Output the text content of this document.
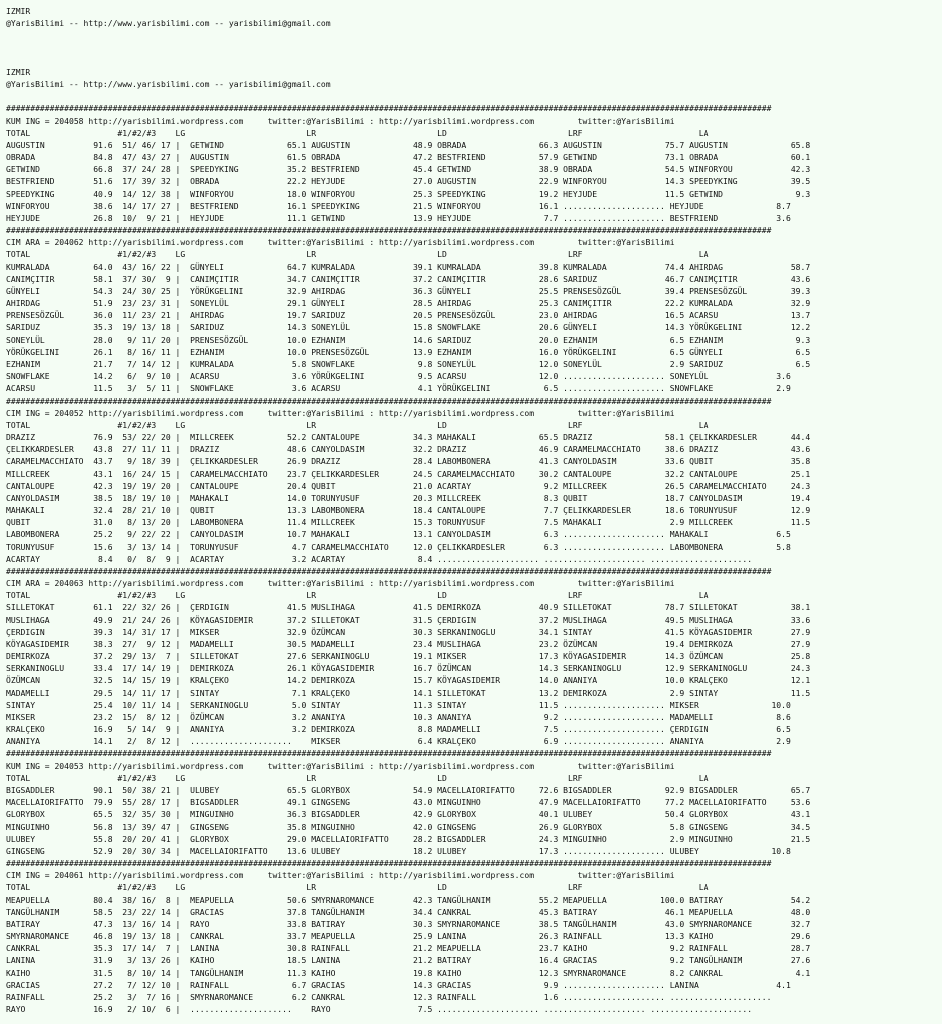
IZMIR
@YarisBilimi -- http://www.yarisbilimi.com -- yarisbilimi@gmail.com
IZMIR
@YarisBilimi -- http://www.yarisbilimi.com -- yarisbilimi@gmail.com
##############################################################################################################################################################
KUM ING = 204058 http://yarisbilimi.wordpress.com     twitter:@YarisBilimi : http://yarisbilimi.wordpress.com         twitter:@YarisBilimi
TOTAL                  #1/#2/#3    LG                         LR                         LD                         LRF                        LA
AUGUSTIN          91.6  51/ 46/ 17 |  GETWIND             65.1 AUGUSTIN             48.9 OBRADA               66.3 AUGUSTIN             75.7 AUGUSTIN             65.8
OBRADA            84.8  47/ 43/ 27 |  AUGUSTIN            61.5 OBRADA               47.2 BESTFRIEND           57.9 GETWIND              73.1 OBRADA               60.1
GETWIND           66.8  37/ 24/ 28 |  SPEEDYKING          35.2 BESTFRIEND           45.4 GETWIND              38.9 OBRADA               54.5 WINFORYOU            42.3
BESTFRIEND        51.6  17/ 39/ 32 |  OBRADA              22.2 HEYJUDE              27.0 AUGUSTIN             22.9 WINFORYOU            14.3 SPEEDYKING           39.5
SPEEDYKING        40.9  14/ 12/ 38 |  WINFORYOU           18.0 WINFORYOU            25.3 SPEEDYKING           19.2 HEYJUDE              11.5 GETWIND               9.3
WINFORYOU         38.6  14/ 17/ 27 |  BESTFRIEND          16.1 SPEEDYKING           21.5 WINFORYOU            16.1 ..................... HEYJUDE               8.7
HEYJUDE           26.8  10/  9/ 21 |  HEYJUDE             11.1 GETWIND              13.9 HEYJUDE               7.7 ..................... BESTFRIEND            3.6
##############################################################################################################################################################
CIM ARA = 204062 http://yarisbilimi.wordpress.com     twitter:@YarisBilimi : http://yarisbilimi.wordpress.com         twitter:@YarisBilimi
TOTAL                  #1/#2/#3    LG                         LR                         LD                         LRF                        LA
KUMRALADA         64.0  43/ 16/ 22 |  GÜNYELI             64.7 KUMRALADA            39.1 KUMRALADA            39.8 KUMRALADA            74.4 AHIRDAG              58.7
CANIMÇITIR        58.1  37/ 30/  9 |  CANIMÇITIR          34.7 CANIMÇITIR           37.2 CANIMÇITIR           28.6 SARIDUZ              46.7 CANIMÇITIR           43.6
GÜNYELI           54.3  24/ 30/ 25 |  YÖRÜKGELINI         32.9 AHIRDAG              36.3 GÜNYELI              25.5 PRENSESÖZGÜL         39.4 PRENSESÖZGÜL         39.3
AHIRDAG           51.9  23/ 23/ 31 |  SONEYLÜL            29.1 GÜNYELI              28.5 AHIRDAG              25.3 CANIMÇITIR           22.2 KUMRALADA            32.9
PRENSESÖZGÜL      36.0  11/ 23/ 21 |  AHIRDAG             19.7 SARIDUZ              20.5 PRENSESÖZGÜL         23.0 AHIRDAG              16.5 ACARSU               13.7
SARIDUZ           35.3  19/ 13/ 18 |  SARIDUZ             14.3 SONEYLÜL             15.8 SNOWFLAKE            20.6 GÜNYELI              14.3 YÖRÜKGELINI          12.2
SONEYLÜL          28.0   9/ 11/ 20 |  PRENSESÖZGÜL        10.0 EZHANIM              14.6 SARIDUZ              20.0 EZHANIM               6.5 EZHANIM               9.3
YÖRÜKGELINI       26.1   8/ 16/ 11 |  EZHANIM             10.0 PRENSESÖZGÜL         13.9 EZHANIM              16.0 YÖRÜKGELINI           6.5 GÜNYELI               6.5
EZHANIM           21.7   7/ 14/ 12 |  KUMRALADA            5.8 SNOWFLAKE             9.8 SONEYLÜL             12.0 SONEYLÜL              2.9 SARIDUZ               6.5
SNOWFLAKE         14.2   6/  9/ 10 |  ACARSU               3.6 YÖRÜKGELINI           9.5 ACARSU               12.0 ..................... SONEYLÜL              3.6
ACARSU            11.5   3/  5/ 11 |  SNOWFLAKE            3.6 ACARSU                4.1 YÖRÜKGELINI           6.5 ..................... SNOWFLAKE             2.9
##############################################################################################################################################################
CIM ING = 204052 http://yarisbilimi.wordpress.com     twitter:@YarisBilimi : http://yarisbilimi.wordpress.com         twitter:@YarisBilimi
TOTAL                  #1/#2/#3    LG                         LR                         LD                         LRF                        LA
DRAZIZ            76.9  53/ 22/ 20 |  MILLCREEK           52.2 CANTALOUPE           34.3 MAHAKALI             65.5 DRAZIZ               58.1 ÇELIKKARDESLER       44.4
ÇELIKKARDESLER    43.8  27/ 11/ 11 |  DRAZIZ              48.6 CANYOLDASIM          32.2 DRAZIZ               46.9 CARAMELMACCHIATO     38.6 DRAZIZ               43.6
CARAMELMACCHIATO  43.7   9/ 18/ 39 |  ÇELIKKARDESLER      26.9 DRAZIZ               28.4 LABOMBONERA          41.3 CANYOLDASIM          33.6 QUBIT                35.8
MILLCREEK         43.1  16/ 24/ 15 |  CARAMELMACCHIATO    23.7 ÇELIKKARDESLER       24.5 CARAMELMACCHIATO     30.2 CANTALOUPE           32.2 CANTALOUPE           25.1
CANTALOUPE        42.3  19/ 19/ 20 |  CANTALOUPE          20.4 QUBIT                21.0 ACARTAY               9.2 MILLCREEK            26.5 CARAMELMACCHIATO     24.3
CANYOLDASIM       38.5  18/ 19/ 10 |  MAHAKALI            14.0 TORUNYUSUF           20.3 MILLCREEK             8.3 QUBIT                18.7 CANYOLDASIM          19.4
MAHAKALI          32.4  28/ 21/ 10 |  QUBIT               13.3 LABOMBONERA          18.4 CANTALOUPE            7.7 ÇELIKKARDESLER       18.6 TORUNYUSUF           12.9
QUBIT             31.0   8/ 13/ 20 |  LABOMBONERA         11.4 MILLCREEK            15.3 TORUNYUSUF            7.5 MAHAKALI              2.9 MILLCREEK            11.5
LABOMBONERA       25.2   9/ 22/ 22 |  CANYOLDASIM         10.7 MAHAKALI             13.1 CANYOLDASIM           6.3 ..................... MAHAKALI              6.5
TORUNYUSUF        15.6   3/ 13/ 14 |  TORUNYUSUF           4.7 CARAMELMACCHIATO     12.0 ÇELIKKARDESLER        6.3 ..................... LABOMBONERA           5.8
ACARTAY            8.4   0/  8/  9 |  ACARTAY              3.2 ACARTAY               8.4 ..................... ..................... .....................
##############################################################################################################################################################
CIM ARA = 204063 http://yarisbilimi.wordpress.com     twitter:@YarisBilimi : http://yarisbilimi.wordpress.com         twitter:@YarisBilimi
TOTAL                  #1/#2/#3    LG                         LR                         LD                         LRF                        LA
SILLETOKAT        61.1  22/ 32/ 26 |  ÇERDIGIN            41.5 MUSLIHAGA            41.5 DEMIRKOZA            40.9 SILLETOKAT           78.7 SILLETOKAT           38.1
MUSLIHAGA         49.9  21/ 24/ 26 |  KÖYAGASIDEMIR       37.2 SILLETOKAT           31.5 ÇERDIGIN             37.2 MUSLIHAGA            49.5 MUSLIHAGA            33.6
ÇERDIGIN          39.3  14/ 31/ 17 |  MIKSER              32.9 ÖZÜMCAN              30.3 SERKANINOGLU         34.1 SINTAY               41.5 KÖYAGASIDEMIR        27.9
KÖYAGASIDEMIR     38.3  27/  9/ 12 |  MADAMELLI           30.5 MADAMELLI            23.4 MUSLIHAGA            23.2 ÖZÜMCAN              19.4 DEMIRKOZA            27.9
DEMIRKOZA         37.2  29/ 13/  7 |  SILLETOKAT          27.6 SERKANINOGLU         19.1 MIKSER               17.3 KÖYAGASIDEMIR        14.3 ÖZÜMCAN              25.8
SERKANINOGLU      33.4  17/ 14/ 19 |  DEMIRKOZA           26.1 KÖYAGASIDEMIR        16.7 ÖZÜMCAN              14.3 SERKANINOGLU         12.9 SERKANINOGLU         24.3
ÖZÜMCAN           32.5  14/ 15/ 19 |  KRALÇEKO            14.2 DEMIRKOZA            15.7 KÖYAGASIDEMIR        14.0 ANANIYA              10.0 KRALÇEKO             12.1
MADAMELLI         29.5  14/ 11/ 17 |  SINTAY               7.1 KRALÇEKO             14.1 SILLETOKAT           13.2 DEMIRKOZA             2.9 SINTAY               11.5
SINTAY            25.4  10/ 11/ 14 |  SERKANINOGLU         5.0 SINTAY               11.3 SINTAY               11.5 ..................... MIKSER               10.0
MIKSER            23.2  15/  8/ 12 |  ÖZÜMCAN              3.2 ANANIYA              10.3 ANANIYA               9.2 ..................... MADAMELLI             8.6
KRALÇEKO          16.9   5/ 14/  9 |  ANANIYA              3.2 DEMIRKOZA             8.8 MADAMELLI             7.5 ..................... ÇERDIGIN              6.5
ANANIYA           14.1   2/  8/ 12 |  .....................    MIKSER                6.4 KRALÇEKO              6.9 ..................... ANANIYA               2.9
##############################################################################################################################################################
KUM ING = 204053 http://yarisbilimi.wordpress.com     twitter:@YarisBilimi : http://yarisbilimi.wordpress.com         twitter:@YarisBilimi
TOTAL                  #1/#2/#3    LG                         LR                         LD                         LRF                        LA
BIGSADDLER        90.1  50/ 38/ 21 |  ULUBEY              65.5 GLORYBOX             54.9 MACELLAIORIFATTO     72.6 BIGSADDLER           92.9 BIGSADDLER           65.7
MACELLAIORIFATTO  79.9  55/ 28/ 17 |  BIGSADDLER          49.1 GINGSENG             43.0 MINGUINHO            47.9 MACELLAIORIFATTO     77.2 MACELLAIORIFATTO     53.6
GLORYBOX          65.5  32/ 35/ 30 |  MINGUINHO           36.3 BIGSADDLER           42.9 GLORYBOX             40.1 ULUBEY               50.4 GLORYBOX             43.1
MINGUINHO         56.8  13/ 39/ 47 |  GINGSENG            35.8 MINGUINHO            42.0 GINGSENG             26.9 GLORYBOX              5.8 GINGSENG             34.5
ULUBEY            55.8  20/ 20/ 41 |  GLORYBOX            29.0 MACELLAIORIFATTO     28.2 BIGSADDLER           24.3 MINGUINHO             2.9 MINGUINHO            21.5
GINGSENG          52.9  20/ 30/ 34 |  MACELLAIORIFATTO    13.6 ULUBEY               18.2 ULUBEY               17.3 ..................... ULUBEY               10.8
##############################################################################################################################################################
CIM ING = 204061 http://yarisbilimi.wordpress.com     twitter:@YarisBilimi : http://yarisbilimi.wordpress.com         twitter:@YarisBilimi
TOTAL                  #1/#2/#3    LG                         LR                         LD                         LRF                        LA
MEAPUELLA         80.4  38/ 16/  8 |  MEAPUELLA           50.6 SMYRNAROMANCE        42.3 TANGÜLHANIM          55.2 MEAPUELLA           100.0 BATIRAY              54.2
TANGÜLHANIM       58.5  23/ 22/ 14 |  GRACIAS             37.8 TANGÜLHANIM          34.4 CANKRAL              45.3 BATIRAY              46.1 MEAPUELLA            48.0
BATIRAY           47.3  13/ 16/ 14 |  RAYO                33.8 BATIRAY              30.3 SMYRNAROMANCE        38.5 TANGÜLHANIM          43.0 SMYRNAROMANCE        32.7
SMYRNAROMANCE     46.8  19/ 13/ 18 |  CANKRAL             33.7 MEAPUELLA            25.9 LANINA               26.3 RAINFALL             13.3 KAIHO                29.6
CANKRAL           35.3  17/ 14/  7 |  LANINA              30.8 RAINFALL             21.2 MEAPUELLA            23.7 KAIHO                 9.2 RAINFALL             28.7
LANINA            31.9   3/ 13/ 26 |  KAIHO               18.5 LANINA               21.2 BATIRAY              16.4 GRACIAS               9.2 TANGÜLHANIM          27.6
KAIHO             31.5   8/ 10/ 14 |  TANGÜLHANIM         11.3 KAIHO                19.8 KAIHO                12.3 SMYRNAROMANCE         8.2 CANKRAL               4.1
GRACIAS           27.2   7/ 12/ 10 |  RAINFALL             6.7 GRACIAS              14.3 GRACIAS               9.9 ..................... LANINA                4.1
RAINFALL          25.2   3/  7/ 16 |  SMYRNAROMANCE        6.2 CANKRAL              12.3 RAINFALL              1.6 ..................... .....................
RAYO              16.9   2/ 10/  6 |  .....................    RAYO                  7.5 ..................... ..................... .....................
